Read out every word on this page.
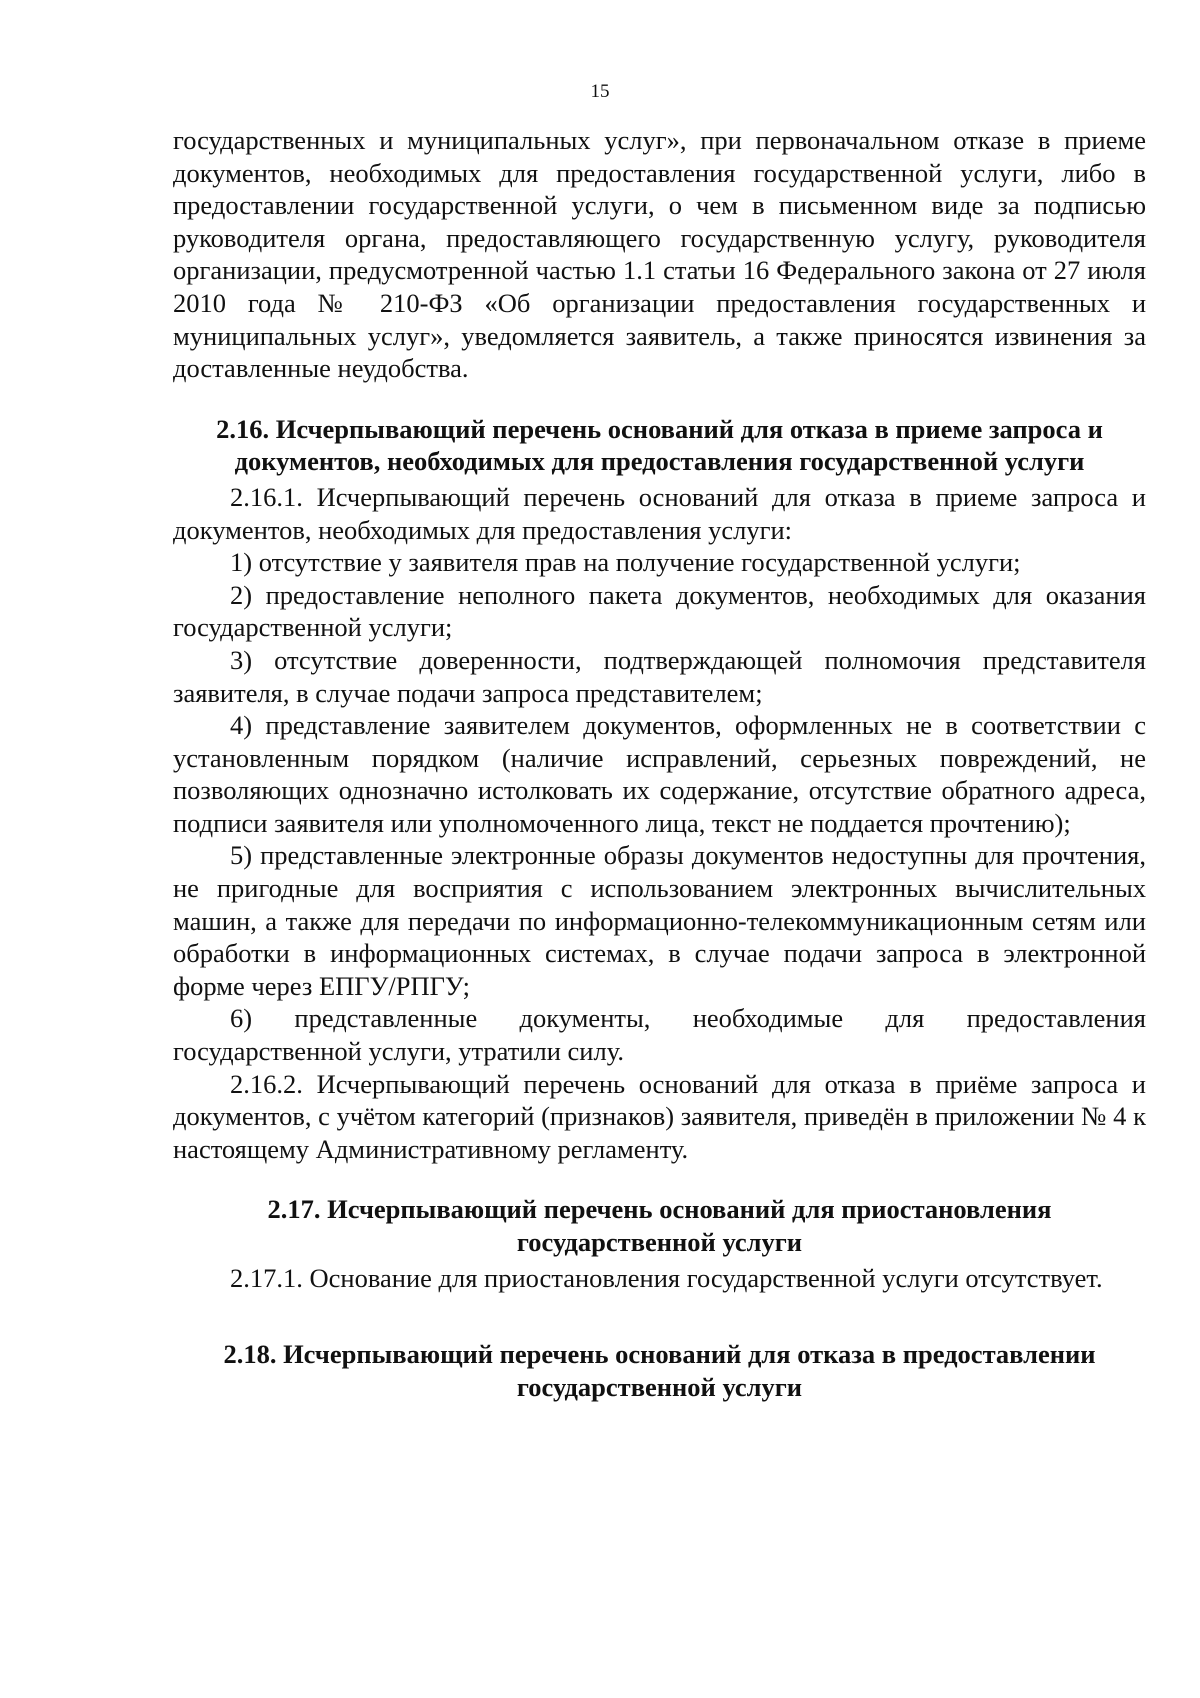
15

государственных и муниципальных услуг», при первоначальном отказе в приеме документов, необходимых для предоставления государственной услуги, либо в предоставлении государственной услуги, о чем в письменном виде за подписью руководителя органа, предоставляющего государственную услугу, руководителя организации, предусмотренной частью 1.1 статьи 16 Федерального закона от 27 июля 2010 года № 210-ФЗ «Об организации предоставления государственных и муниципальных услуг», уведомляется заявитель, а также приносятся извинения за доставленные неудобства.

2.16. Исчерпывающий перечень оснований для отказа в приеме запроса и документов, необходимых для предоставления государственной услуги

2.16.1. Исчерпывающий перечень оснований для отказа в приеме запроса и документов, необходимых для предоставления услуги:

1) отсутствие у заявителя прав на получение государственной услуги;

2) предоставление неполного пакета документов, необходимых для оказания государственной услуги;

3) отсутствие доверенности, подтверждающей полномочия представителя заявителя, в случае подачи запроса представителем;

4) представление заявителем документов, оформленных не в соответствии с установленным порядком (наличие исправлений, серьезных повреждений, не позволяющих однозначно истолковать их содержание, отсутствие обратного адреса, подписи заявителя или уполномоченного лица, текст не поддается прочтению);

5) представленные электронные образы документов недоступны для прочтения, не пригодные для восприятия с использованием электронных вычислительных машин, а также для передачи по информационно-телекоммуникационным сетям или обработки в информационных системах, в случае подачи запроса в электронной форме через ЕПГУ/РПГУ;

6) представленные документы, необходимые для предоставления государственной услуги, утратили силу.

2.16.2. Исчерпывающий перечень оснований для отказа в приёме запроса и документов, с учётом категорий (признаков) заявителя, приведён в приложении № 4 к настоящему Административному регламенту.

2.17. Исчерпывающий перечень оснований для приостановления государственной услуги

2.17.1. Основание для приостановления государственной услуги отсутствует.

2.18. Исчерпывающий перечень оснований для отказа в предоставлении государственной услуги
